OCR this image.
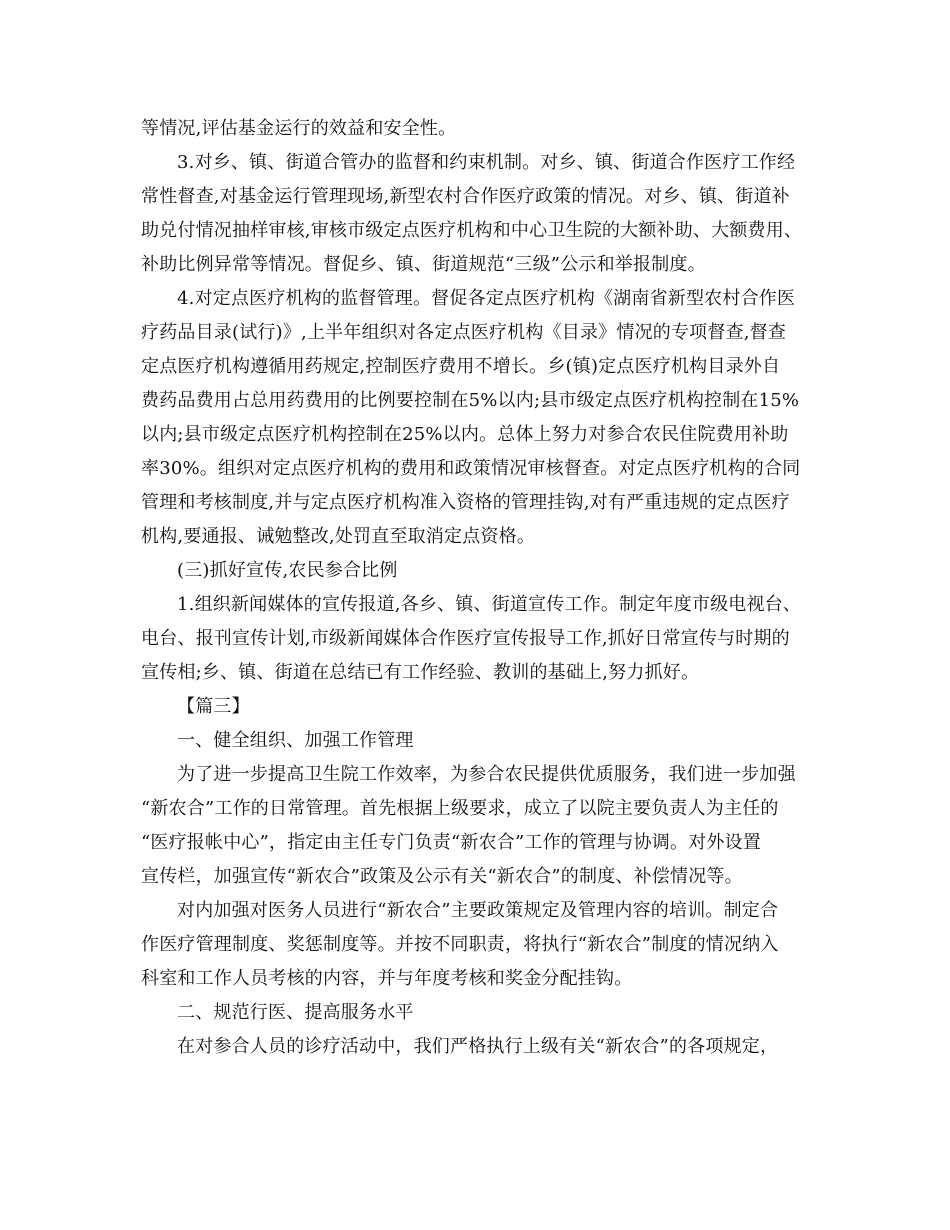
等情况,评估基金运行的效益和安全性。
3.对乡、镇、街道合管办的监督和约束机制。对乡、镇、街道合作医疗工作经
常性督查,对基金运行管理现场,新型农村合作医疗政策的情况。对乡、镇、街道补
助兑付情况抽样审核,审核市级定点医疗机构和中心卫生院的大额补助、大额费用、
补助比例异常等情况。督促乡、镇、街道规范“三级”公示和举报制度。
4.对定点医疗机构的监督管理。督促各定点医疗机构《湖南省新型农村合作医
疗药品目录(试行)》,上半年组织对各定点医疗机构《目录》情况的专项督查,督查
定点医疗机构遵循用药规定,控制医疗费用不增长。乡(镇)定点医疗机构目录外自
费药品费用占总用药费用的比例要控制在5%以内;县市级定点医疗机构控制在15%
以内;县市级定点医疗机构控制在25%以内。总体上努力对参合农民住院费用补助
率30%。组织对定点医疗机构的费用和政策情况审核督查。对定点医疗机构的合同
管理和考核制度,并与定点医疗机构准入资格的管理挂钩,对有严重违规的定点医疗
机构,要通报、诫勉整改,处罚直至取消定点资格。
(三)抓好宣传,农民参合比例
1.组织新闻媒体的宣传报道,各乡、镇、街道宣传工作。制定年度市级电视台、
电台、报刊宣传计划,市级新闻媒体合作医疗宣传报导工作,抓好日常宣传与时期的
宣传相;乡、镇、街道在总结已有工作经验、教训的基础上,努力抓好。
【篇三】
一、健全组织、加强工作管理
为了进一步提高卫生院工作效率，为参合农民提供优质服务，我们进一步加强
“新农合”工作的日常管理。首先根据上级要求，成立了以院主要负责人为主任的
“医疗报帐中心”，指定由主任专门负责“新农合”工作的管理与协调。对外设置
宣传栏，加强宣传“新农合”政策及公示有关“新农合”的制度、补偿情况等。
对内加强对医务人员进行“新农合”主要政策规定及管理内容的培训。制定合
作医疗管理制度、奖惩制度等。并按不同职责，将执行“新农合”制度的情况纳入
科室和工作人员考核的内容，并与年度考核和奖金分配挂钩。
二、规范行医、提高服务水平
在对参合人员的诊疗活动中，我们严格执行上级有关“新农合”的各项规定，
